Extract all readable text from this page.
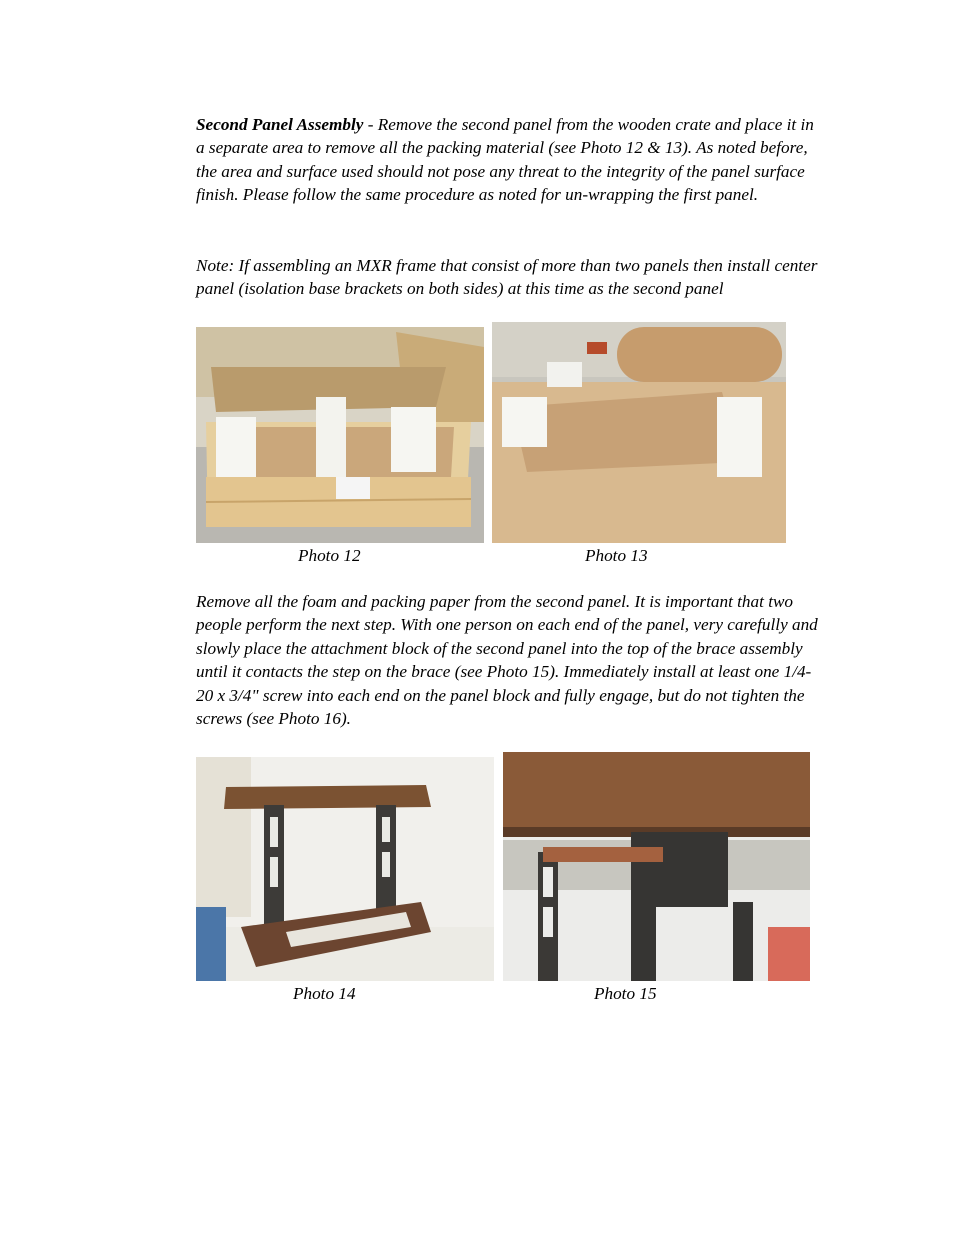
Second Panel Assembly - Remove the second panel from the wooden crate and place it in a separate area to remove all the packing material (see Photo 12 & 13). As noted before, the area and surface used should not pose any threat to the integrity of the panel surface finish. Please follow the same procedure as noted for un-wrapping the first panel.
Note: If assembling an MXR frame that consist of more than two panels then install center panel (isolation base brackets on both sides) at this time as the second panel
Photo 12	Photo 13
Remove all the foam and packing paper from the second panel. It is important that two people perform the next step. With one person on each end of the panel, very carefully and slowly place the attachment block of the second panel into the top of the brace assembly until it contacts the step on the brace (see Photo 15). Immediately install at least one 1/4-20 x 3/4" screw into each end on the panel block and fully engage, but do not tighten the screws (see Photo 16).
Photo 14	Photo 15
